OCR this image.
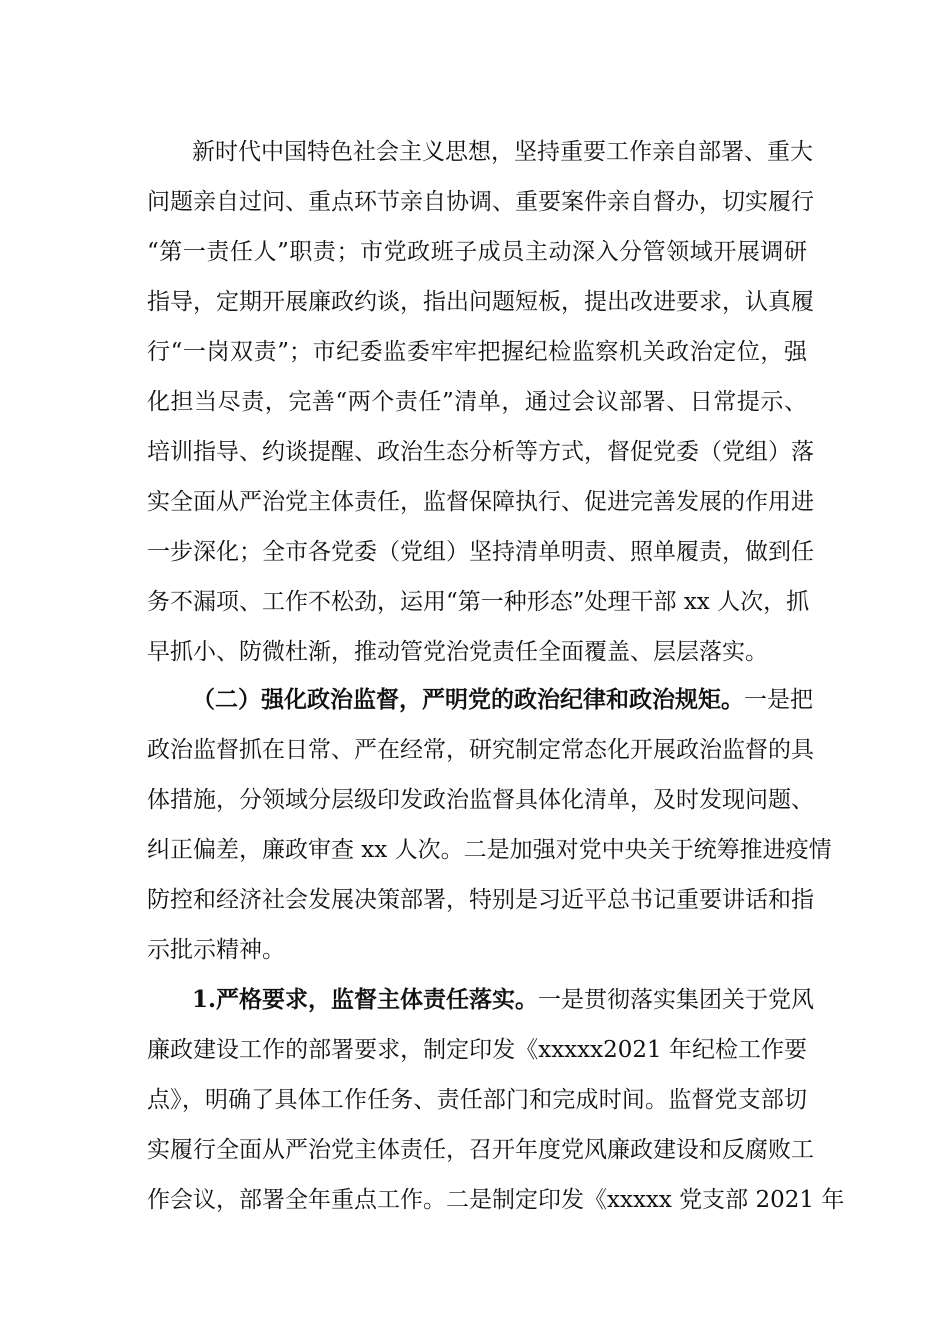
新时代中国特色社会主义思想，坚持重要工作亲自部署、重大
问题亲自过问、重点环节亲自协调、重要案件亲自督办，切实履行
“第一责任人”职责；市党政班子成员主动深入分管领域开展调研
指导，定期开展廉政约谈，指出问题短板，提出改进要求，认真履
行“一岗双责”；市纪委监委牢牢把握纪检监察机关政治定位，强
化担当尽责，完善“两个责任”清单，通过会议部署、日常提示、
培训指导、约谈提醒、政治生态分析等方式，督促党委（党组）落
实全面从严治党主体责任，监督保障执行、促进完善发展的作用进
一步深化；全市各党委（党组）坚持清单明责、照单履责，做到任
务不漏项、工作不松劲，运用“第一种形态”处理干部 xx 人次，抓
早抓小、防微杜渐，推动管党治党责任全面覆盖、层层落实。
（二）强化政治监督，严明党的政治纪律和政治规矩。一是把
政治监督抓在日常、严在经常，研究制定常态化开展政治监督的具
体措施，分领域分层级印发政治监督具体化清单，及时发现问题、
纠正偏差，廉政审查 xx 人次。二是加强对党中央关于统筹推进疫情
防控和经济社会发展决策部署，特别是习近平总书记重要讲话和指
示批示精神。
1.严格要求，监督主体责任落实。一是贯彻落实集团关于党风
廉政建设工作的部署要求，制定印发《xxxxx2021 年纪检工作要
点》，明确了具体工作任务、责任部门和完成时间。监督党支部切
实履行全面从严治党主体责任，召开年度党风廉政建设和反腐败工
作会议，部署全年重点工作。二是制定印发《xxxxx 党支部 2021 年
